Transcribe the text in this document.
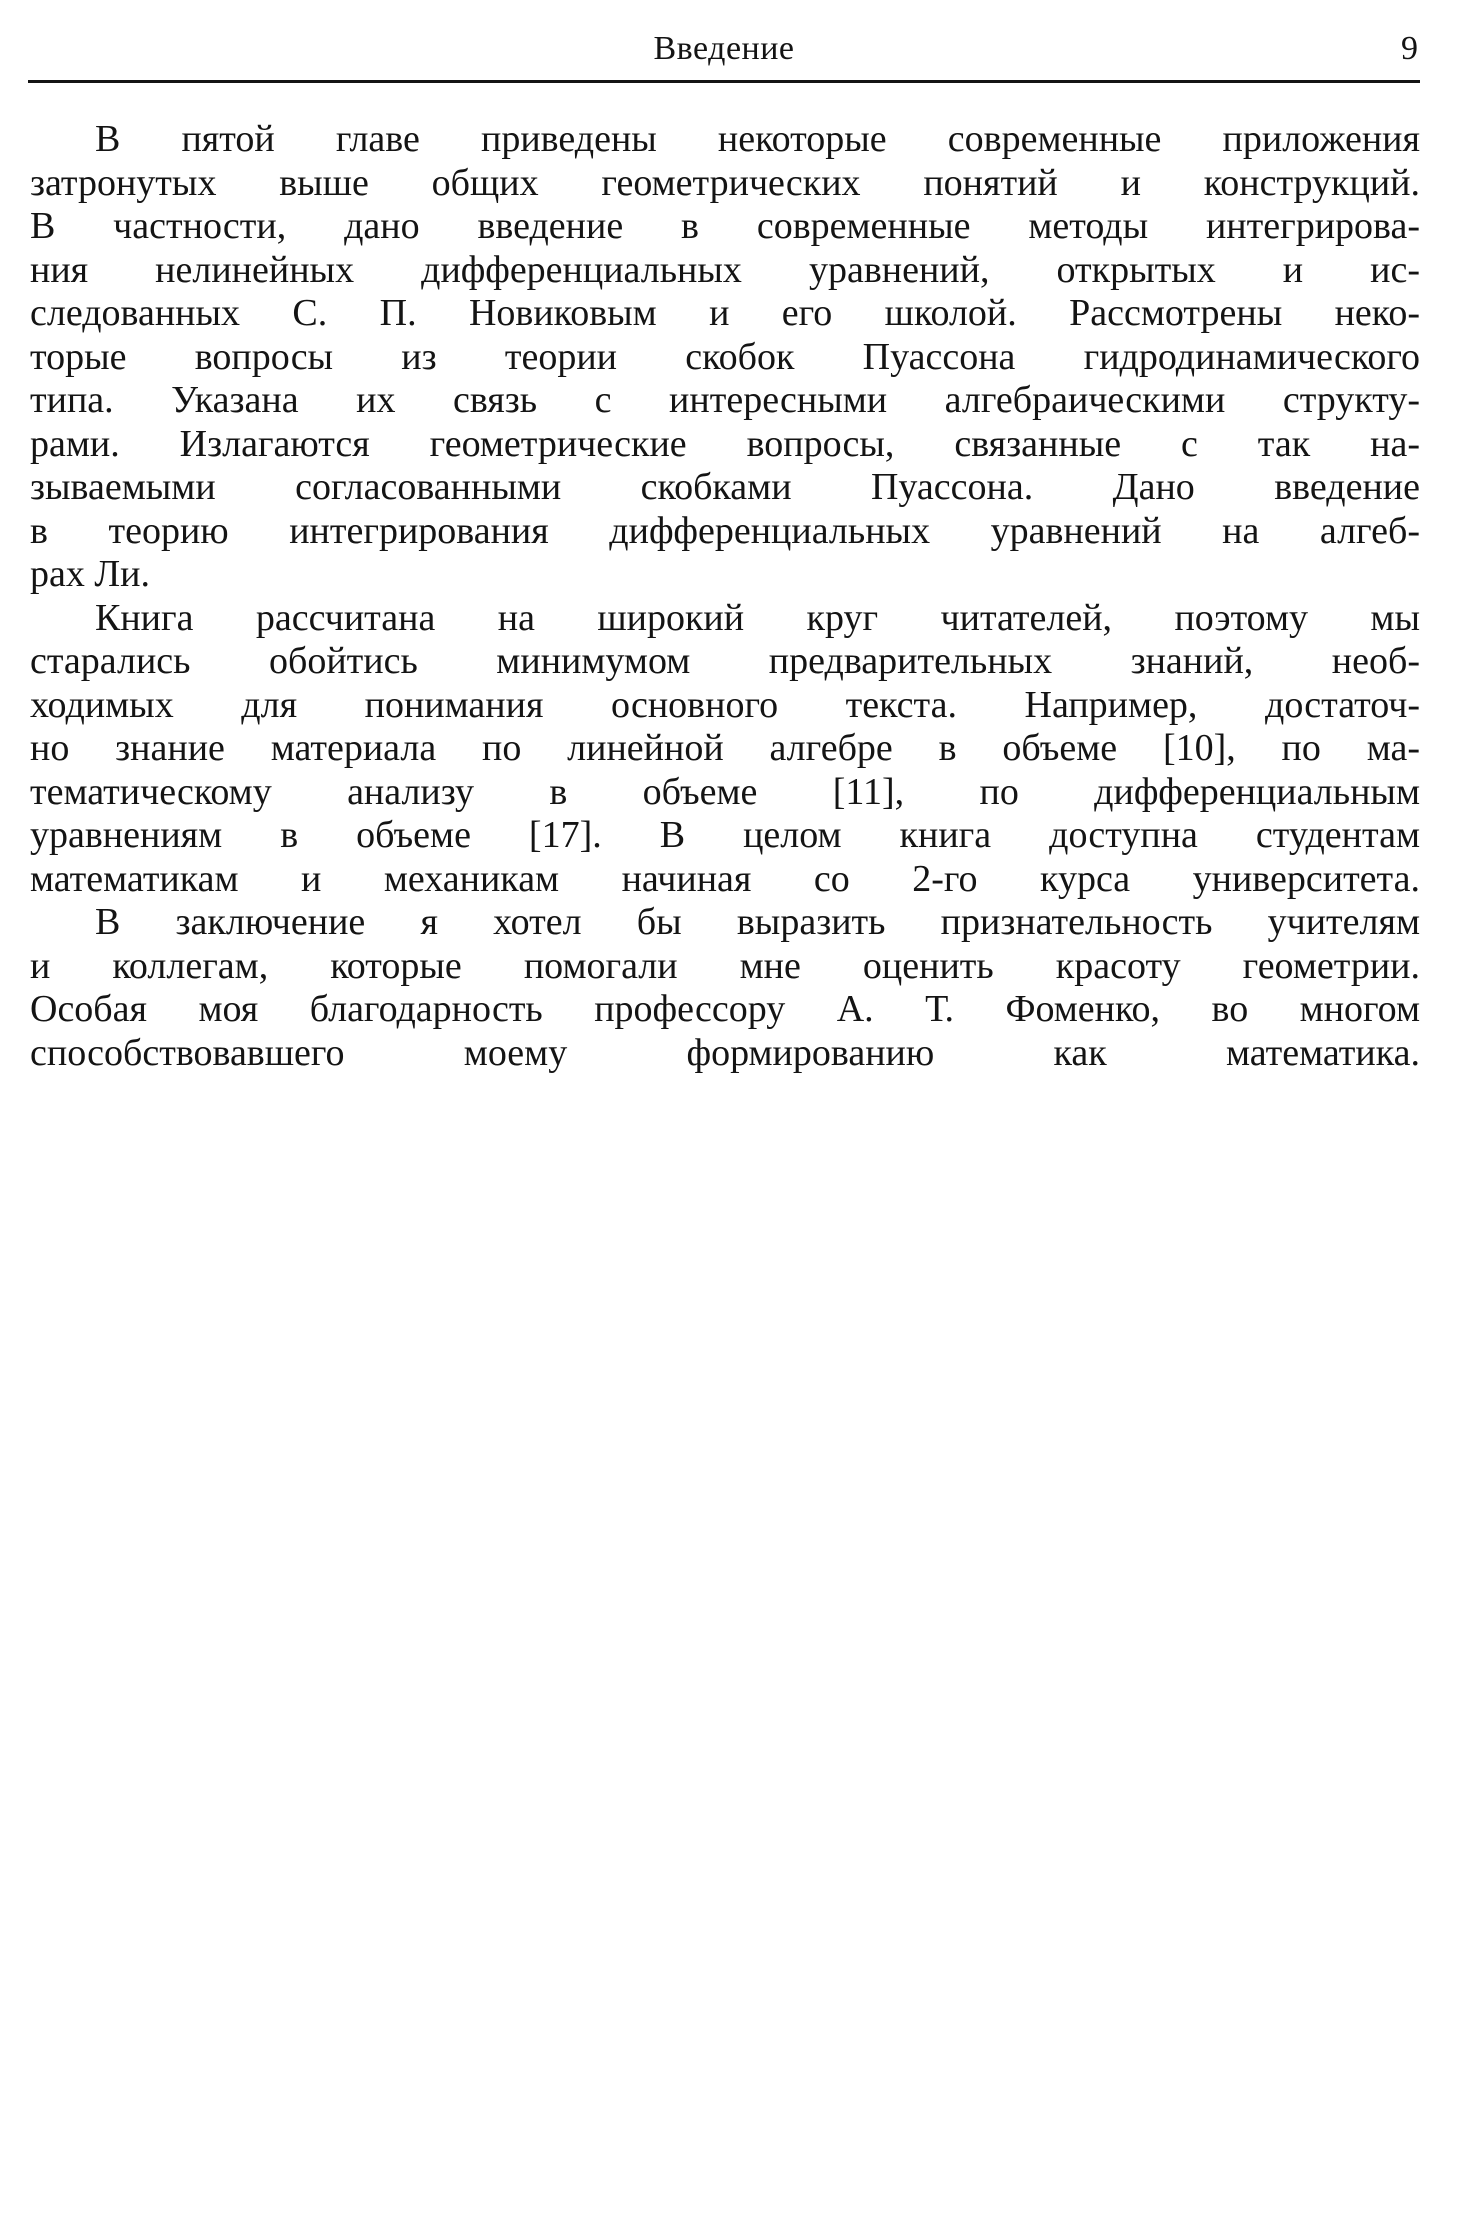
Введение	9
В пятой главе приведены некоторые современные приложения
затронутых выше общих геометрических понятий и конструкций.
В частности, дано введение в современные методы интегрирова-
ния нелинейных дифференциальных уравнений, открытых и ис-
следованных С. П. Новиковым и его школой. Рассмотрены неко-
торые вопросы из теории скобок Пуассона гидродинамического
типа. Указана их связь с интересными алгебраическими структу-
рами. Излагаются геометрические вопросы, связанные с так на-
зываемыми согласованными скобками Пуассона. Дано введение
в теорию интегрирования дифференциальных уравнений на алгеб-
рах Ли.
Книга рассчитана на широкий круг читателей, поэтому мы
старались обойтись минимумом предварительных знаний, необ-
ходимых для понимания основного текста. Например, достаточ-
но знание материала по линейной алгебре в объеме [10], по ма-
тематическому анализу в объеме [11], по дифференциальным
уравнениям в объеме [17]. В целом книга доступна студентам
математикам и механикам начиная со 2-го курса университета.
В заключение я хотел бы выразить признательность учителям
и коллегам, которые помогали мне оценить красоту геометрии.
Особая моя благодарность профессору А. Т. Фоменко, во многом
способствовавшего моему формированию как математика.
